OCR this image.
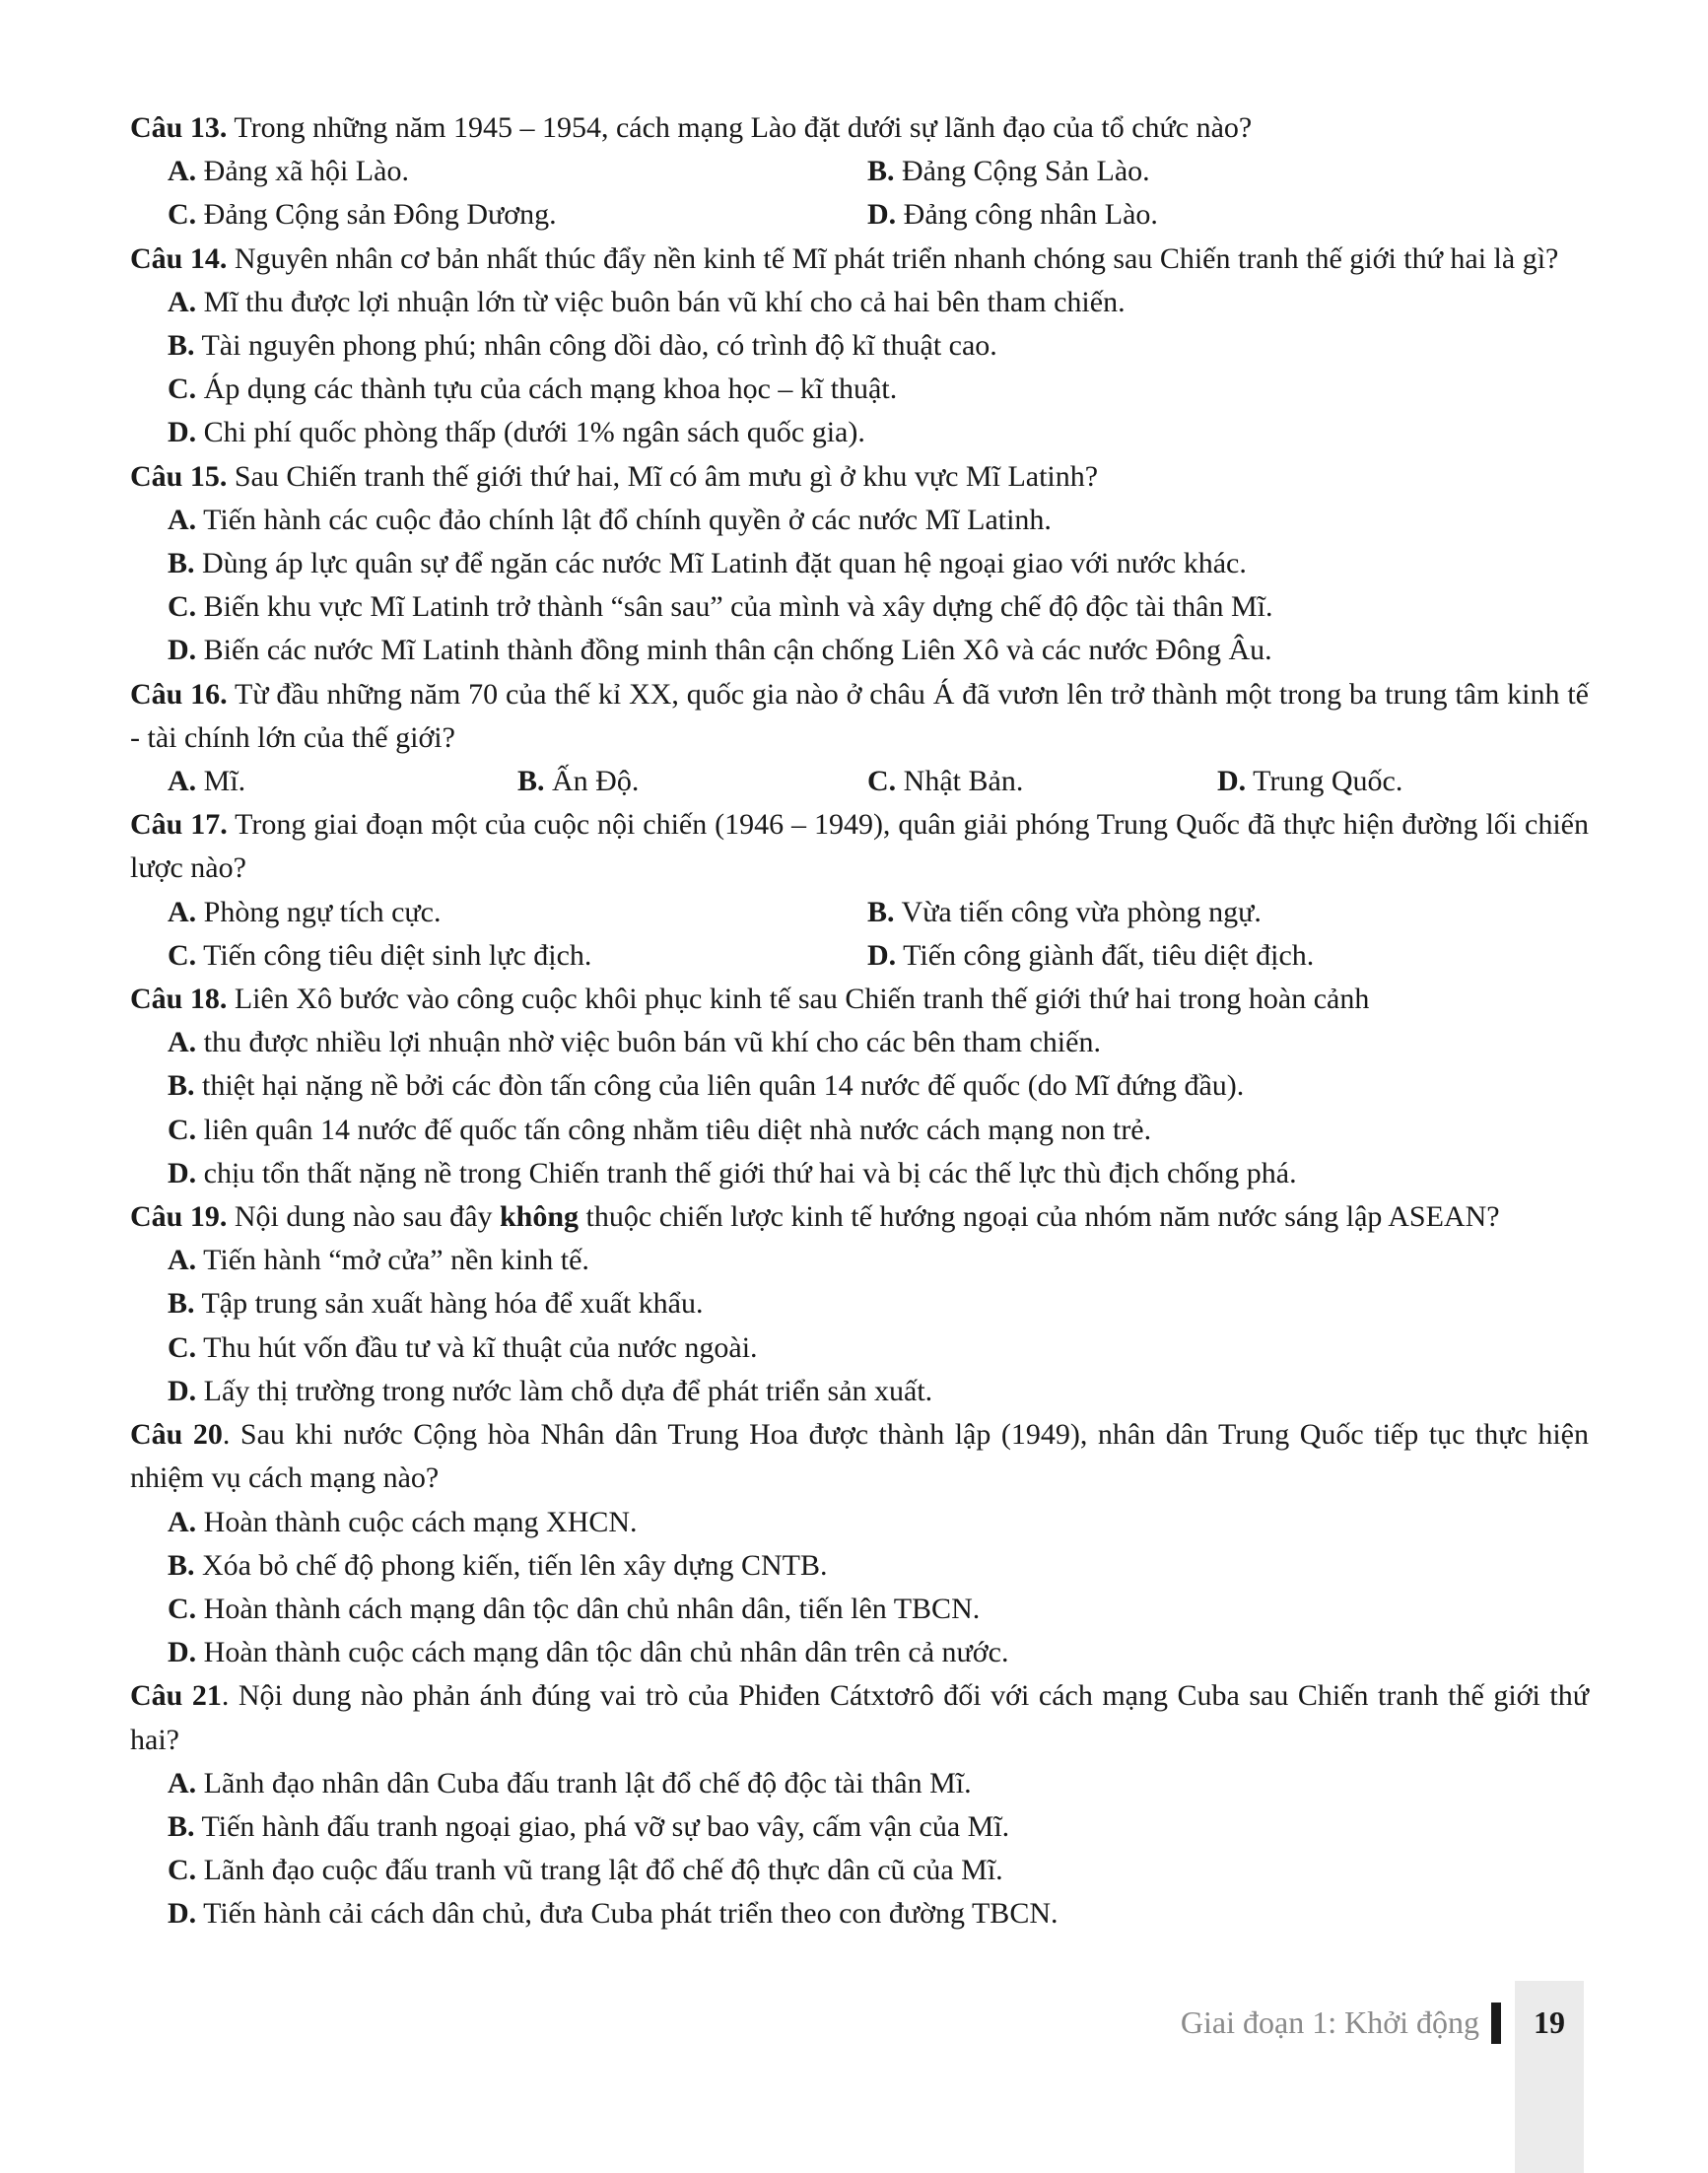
Câu 13. Trong những năm 1945 – 1954, cách mạng Lào đặt dưới sự lãnh đạo của tổ chức nào?
A. Đảng xã hội Lào.	B. Đảng Cộng Sản Lào.
C. Đảng Cộng sản Đông Dương.	D. Đảng công nhân Lào.
Câu 14. Nguyên nhân cơ bản nhất thúc đẩy nền kinh tế Mĩ phát triển nhanh chóng sau Chiến tranh thế giới thứ hai là gì?
A. Mĩ thu được lợi nhuận lớn từ việc buôn bán vũ khí cho cả hai bên tham chiến.
B. Tài nguyên phong phú; nhân công dồi dào, có trình độ kĩ thuật cao.
C. Áp dụng các thành tựu của cách mạng khoa học – kĩ thuật.
D. Chi phí quốc phòng thấp (dưới 1% ngân sách quốc gia).
Câu 15. Sau Chiến tranh thế giới thứ hai, Mĩ có âm mưu gì ở khu vực Mĩ Latinh?
A. Tiến hành các cuộc đảo chính lật đổ chính quyền ở các nước Mĩ Latinh.
B. Dùng áp lực quân sự để ngăn các nước Mĩ Latinh đặt quan hệ ngoại giao với nước khác.
C. Biến khu vực Mĩ Latinh trở thành “sân sau” của mình và xây dựng chế độ độc tài thân Mĩ.
D. Biến các nước Mĩ Latinh thành đồng minh thân cận chống Liên Xô và các nước Đông Âu.
Câu 16. Từ đầu những năm 70 của thế kỉ XX, quốc gia nào ở châu Á đã vươn lên trở thành một trong ba trung tâm kinh tế - tài chính lớn của thế giới?
A. Mĩ.	B. Ấn Độ.	C. Nhật Bản.	D. Trung Quốc.
Câu 17. Trong giai đoạn một của cuộc nội chiến (1946 – 1949), quân giải phóng Trung Quốc đã thực hiện đường lối chiến lược nào?
A. Phòng ngự tích cực.	B. Vừa tiến công vừa phòng ngự.
C. Tiến công tiêu diệt sinh lực địch.	D. Tiến công giành đất, tiêu diệt địch.
Câu 18. Liên Xô bước vào công cuộc khôi phục kinh tế sau Chiến tranh thế giới thứ hai trong hoàn cảnh
A. thu được nhiều lợi nhuận nhờ việc buôn bán vũ khí cho các bên tham chiến.
B. thiệt hại nặng nề bởi các đòn tấn công của liên quân 14 nước đế quốc (do Mĩ đứng đầu).
C. liên quân 14 nước đế quốc tấn công nhằm tiêu diệt nhà nước cách mạng non trẻ.
D. chịu tổn thất nặng nề trong Chiến tranh thế giới thứ hai và bị các thế lực thù địch chống phá.
Câu 19. Nội dung nào sau đây không thuộc chiến lược kinh tế hướng ngoại của nhóm năm nước sáng lập ASEAN?
A. Tiến hành “mở cửa” nền kinh tế.
B. Tập trung sản xuất hàng hóa để xuất khẩu.
C. Thu hút vốn đầu tư và kĩ thuật của nước ngoài.
D. Lấy thị trường trong nước làm chỗ dựa để phát triển sản xuất.
Câu 20. Sau khi nước Cộng hòa Nhân dân Trung Hoa được thành lập (1949), nhân dân Trung Quốc tiếp tục thực hiện nhiệm vụ cách mạng nào?
A. Hoàn thành cuộc cách mạng XHCN.
B. Xóa bỏ chế độ phong kiến, tiến lên xây dựng CNTB.
C. Hoàn thành cách mạng dân tộc dân chủ nhân dân, tiến lên TBCN.
D. Hoàn thành cuộc cách mạng dân tộc dân chủ nhân dân trên cả nước.
Câu 21. Nội dung nào phản ánh đúng vai trò của Phiđen Cátxtơrô đối với cách mạng Cuba sau Chiến tranh thế giới thứ hai?
A. Lãnh đạo nhân dân Cuba đấu tranh lật đổ chế độ độc tài thân Mĩ.
B. Tiến hành đấu tranh ngoại giao, phá vỡ sự bao vây, cấm vận của Mĩ.
C. Lãnh đạo cuộc đấu tranh vũ trang lật đổ chế độ thực dân cũ của Mĩ.
D. Tiến hành cải cách dân chủ, đưa Cuba phát triển theo con đường TBCN.
Giai đoạn 1: Khởi động	19
